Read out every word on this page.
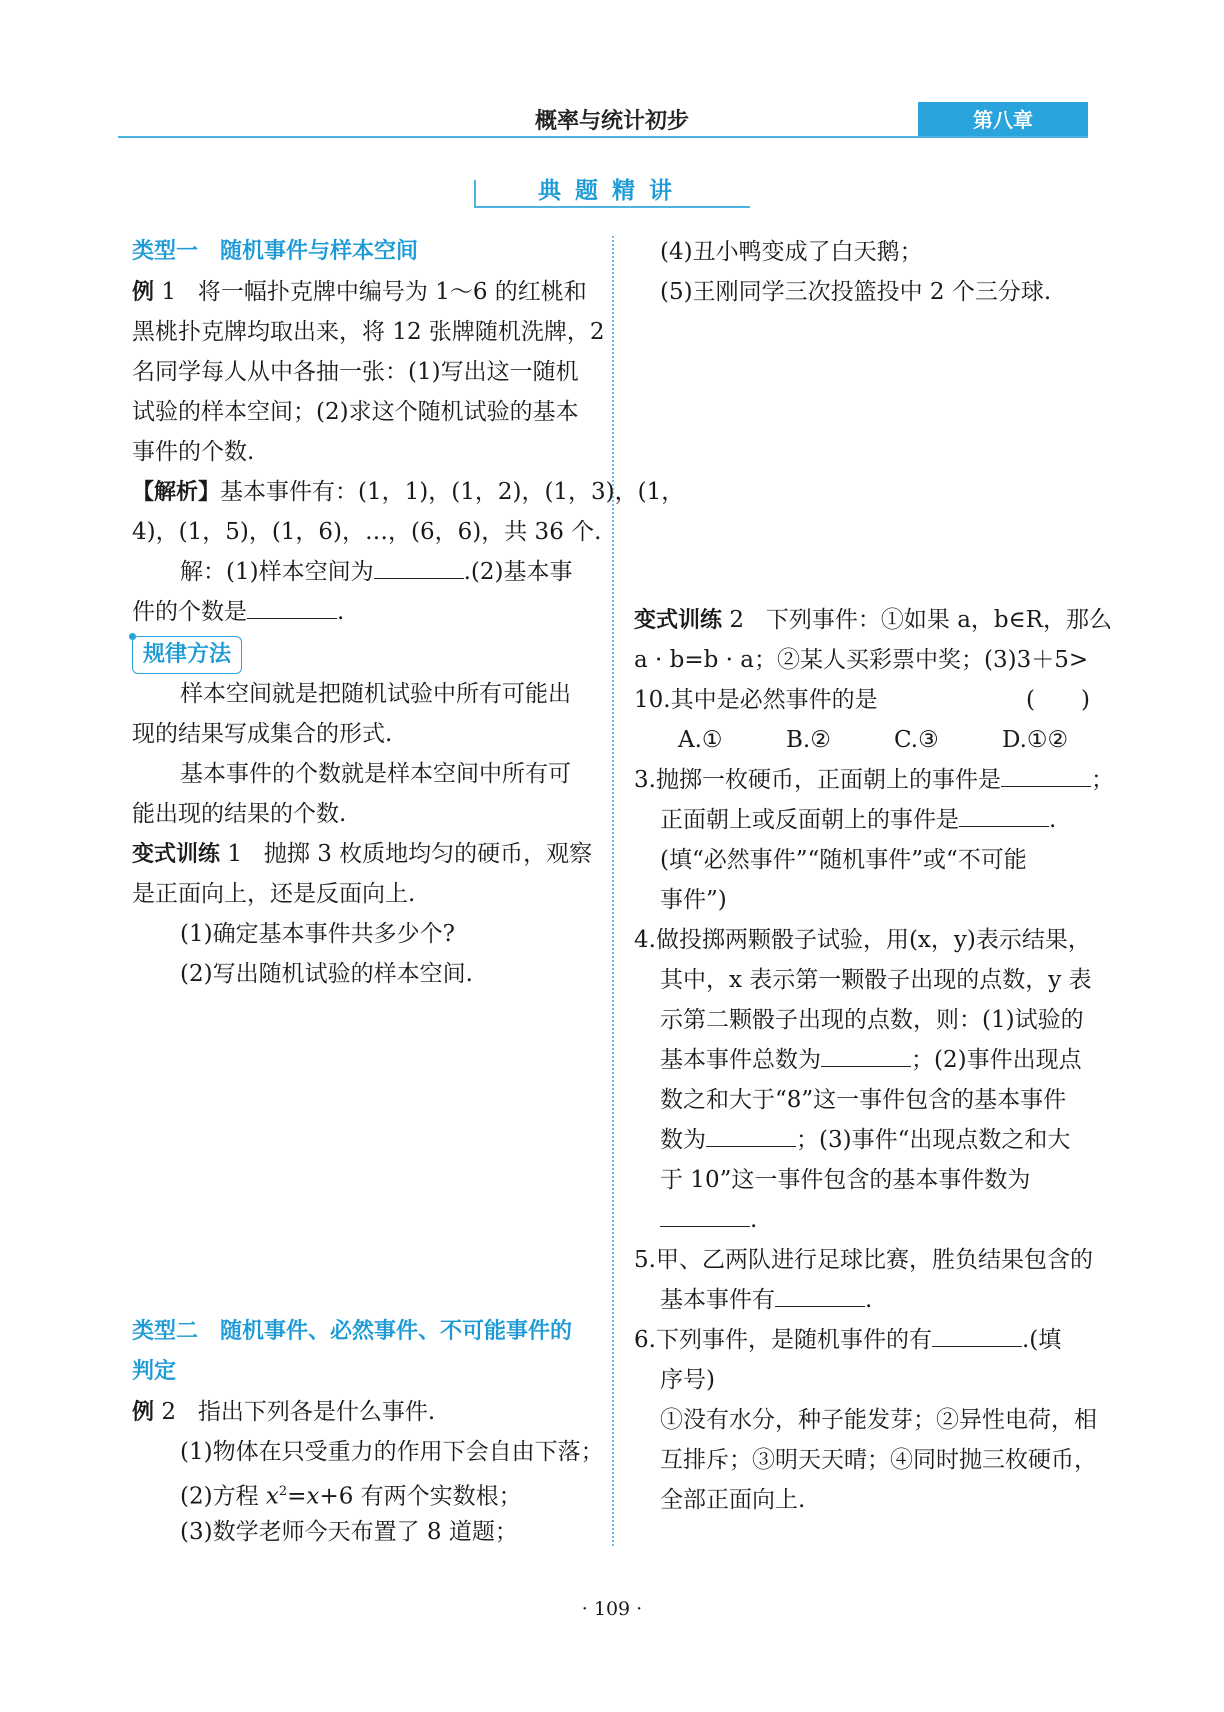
概率与统计初步	第八章
典题精讲
类型一　随机事件与样本空间
例 1 将一幅扑克牌中编号为 1～6 的红桃和
黑桃扑克牌均取出来，将 12 张牌随机洗牌，2
名同学每人从中各抽一张：(1)写出这一随机
试验的样本空间；(2)求这个随机试验的基本
事件的个数.
【解析】基本事件有：(1，1)，(1，2)，(1，3)，(1，
4)，(1，5)，(1，6)，…，(6，6)，共 36 个.
解：(1)样本空间为	.(2)基本事
件的个数是	.
规律方法
样本空间就是把随机试验中所有可能出
现的结果写成集合的形式.
基本事件的个数就是样本空间中所有可
能出现的结果的个数.
变式训练 1 抛掷 3 枚质地均匀的硬币，观察
是正面向上，还是反面向上.
(1)确定基本事件共多少个?
(2)写出随机试验的样本空间.
类型二　随机事件、必然事件、不可能事件的
判定
例 2 指出下列各是什么事件.
(1)物体在只受重力的作用下会自由下落；
(2)方程 $x^2=x+6$ 有两个实数根；
(3)数学老师今天布置了 8 道题；
(4)丑小鸭变成了白天鹅；
(5)王刚同学三次投篮投中 2 个三分球.
变式训练 2 下列事件：①如果 a，b∈R，那么
a · b=b · a；②某人买彩票中奖；(3)3＋5>
10.其中是必然事件的是	(　　)
A.①	B.②	C.③	D.①②
3.抛掷一枚硬币，正面朝上的事件是	；
正面朝上或反面朝上的事件是	.
(填“必然事件”“随机事件”或“不可能
事件”)
4.做投掷两颗骰子试验，用(x，y)表示结果，
其中，x 表示第一颗骰子出现的点数，y 表
示第二颗骰子出现的点数，则：(1)试验的
基本事件总数为	；(2)事件出现点
数之和大于“8”这一事件包含的基本事件
数为	；(3)事件“出现点数之和大
于 10”这一事件包含的基本事件数为
.
5.甲、乙两队进行足球比赛，胜负结果包含的
基本事件有	.
6.下列事件，是随机事件的有	.(填
序号)
①没有水分，种子能发芽；②异性电荷，相
互排斥；③明天天晴；④同时抛三枚硬币，
全部正面向上.
· 109 ·
